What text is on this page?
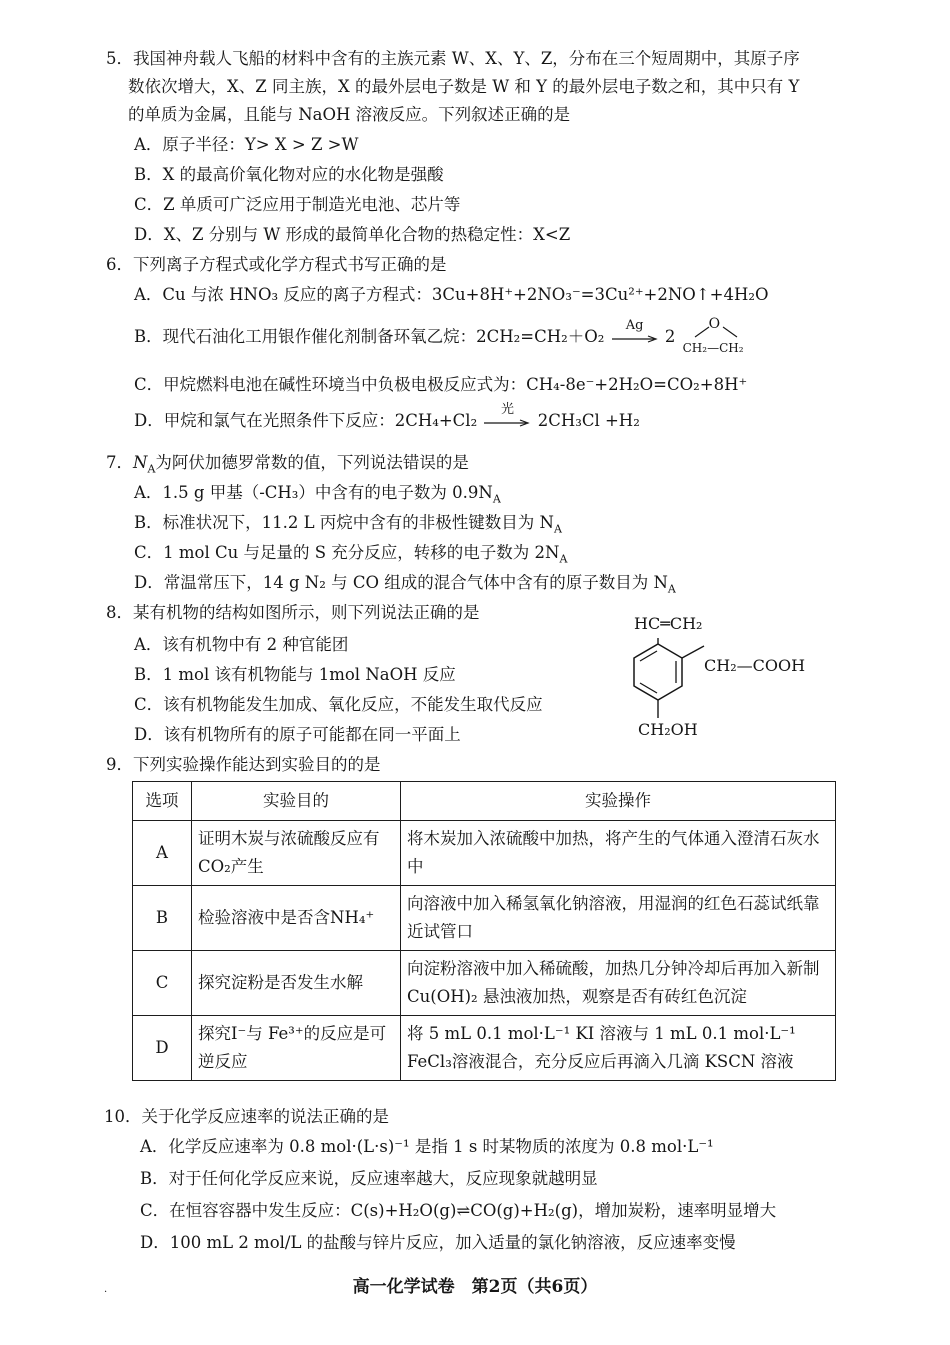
5．我国神舟载人飞船的材料中含有的主族元素 W、X、Y、Z，分布在三个短周期中，其原子序
数依次增大，X、Z 同主族，X 的最外层电子数是 W 和 Y 的最外层电子数之和，其中只有 Y
的单质为金属，且能与 NaOH 溶液反应。下列叙述正确的是
A．原子半径：Y> X > Z >W
B．X 的最高价氧化物对应的水化物是强酸
C．Z 单质可广泛应用于制造光电池、芯片等
D．X、Z 分别与 W 形成的最简单化合物的热稳定性：X<Z
6．下列离子方程式或化学方程式书写正确的是
A．Cu 与浓 HNO₃ 反应的离子方程式：3Cu+8H⁺+2NO₃⁻=3Cu²⁺+2NO↑+4H₂O
B．现代石油化工用银作催化剂制备环氧乙烷：2CH₂=CH₂＋O₂
Ag
2
O
CH₂—CH₂
C．甲烷燃料电池在碱性环境当中负极电极反应式为：CH₄-8e⁻+2H₂O=CO₂+8H⁺
D．甲烷和氯气在光照条件下反应：2CH₄+Cl₂
光
2CH₃Cl +H₂
7．$N_A$为阿伏加德罗常数的值，下列说法错误的是
A．1.5 g 甲基（-CH₃）中含有的电子数为 $0.9N_A$
B．标准状况下，11.2 L 丙烷中含有的非极性键数目为 $N_A$
C．1 mol Cu 与足量的 S 充分反应，转移的电子数为 $2N_A$
D．常温常压下，14 g N₂ 与 CO 组成的混合气体中含有的原子数目为 $N_A$
8．某有机物的结构如图所示，则下列说法正确的是
A．该有机物中有 2 种官能团
B．1 mol 该有机物能与 1mol NaOH 反应
C．该有机物能发生加成、氧化反应，不能发生取代反应
D．该有机物所有的原子可能都在同一平面上
HC═CH₂
CH₂—COOH
CH₂OH
9．下列实验操作能达到实验目的的是
选项	实验目的	实验操作
A	证明木炭与浓硫酸反应有CO₂产生	将木炭加入浓硫酸中加热，将产生的气体通入澄清石灰水中
B	检验溶液中是否含NH₄⁺	向溶液中加入稀氢氧化钠溶液，用湿润的红色石蕊试纸靠近试管口
C	探究淀粉是否发生水解	向淀粉溶液中加入稀硫酸，加热几分钟冷却后再加入新制 Cu(OH)₂ 悬浊液加热，观察是否有砖红色沉淀
D	探究I⁻与 Fe³⁺的反应是可逆反应	将 5 mL 0.1 mol·L⁻¹ KI 溶液与 1 mL 0.1 mol·L⁻¹ FeCl₃溶液混合，充分反应后再滴入几滴 KSCN 溶液
10．关于化学反应速率的说法正确的是
A．化学反应速率为 0.8 mol·(L·s)⁻¹ 是指 1 s 时某物质的浓度为 0.8 mol·L⁻¹
B．对于任何化学反应来说，反应速率越大，反应现象就越明显
C．在恒容容器中发生反应：C(s)+H₂O(g)⇌CO(g)+H₂(g)，增加炭粉，速率明显增大
D．100 mL 2 mol/L 的盐酸与锌片反应，加入适量的氯化钠溶液，反应速率变慢
.	高一化学试卷　第2页（共6页）
